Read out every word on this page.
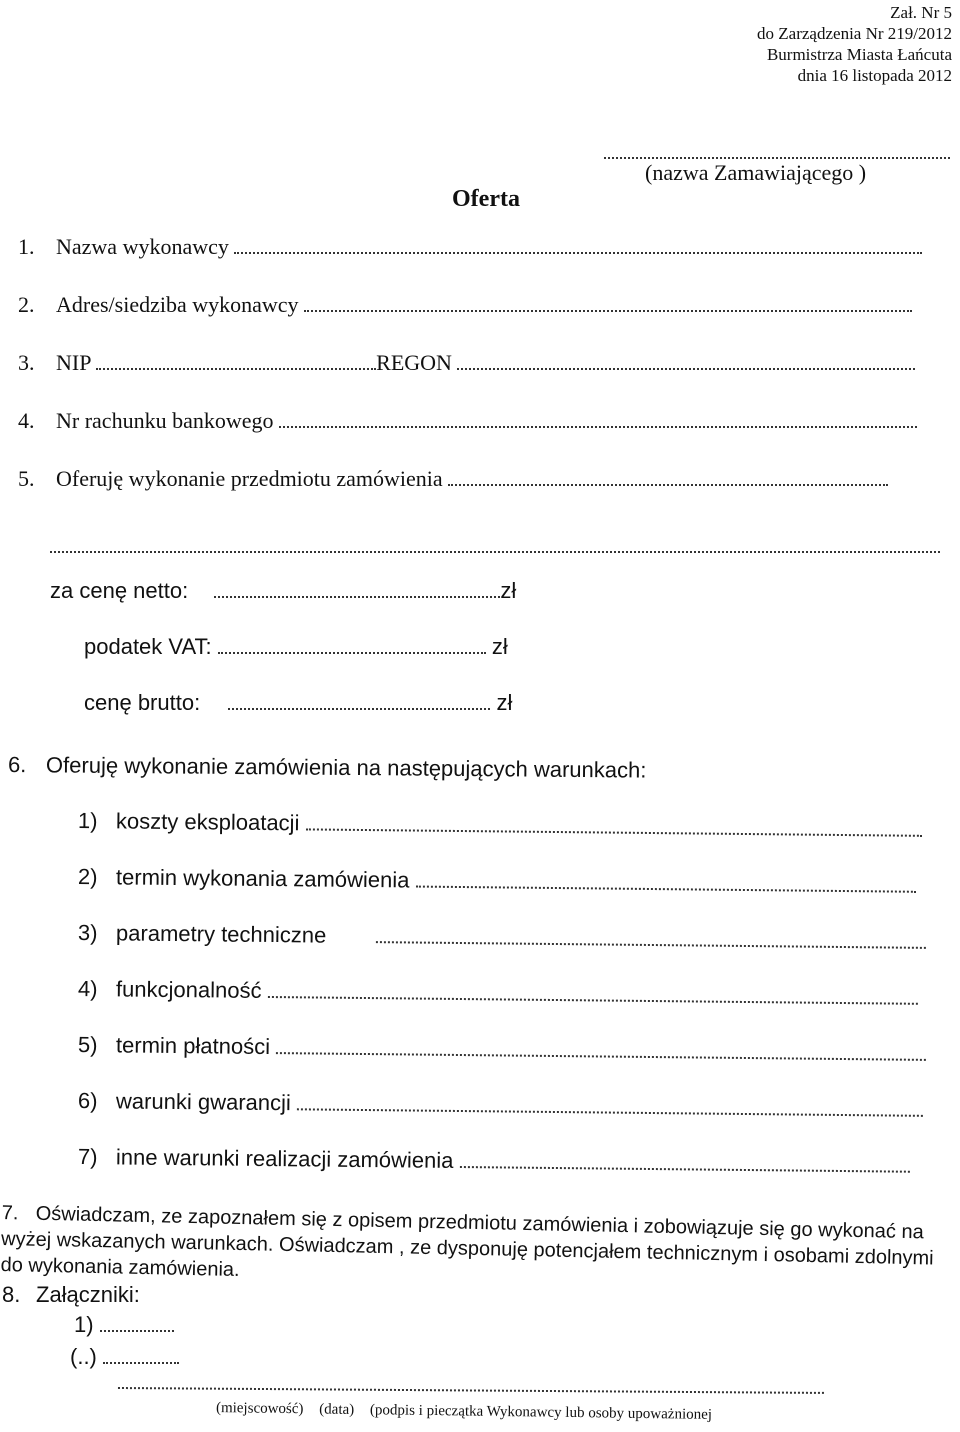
Zał. Nr 5
do Zarządzenia Nr 219/2012
Burmistrza Miasta Łańcuta
dnia 16 listopada 2012
(nazwa Zamawiającego )
Oferta
1. Nazwa wykonawcy
2. Adres/siedziba wykonawcy
3. NIP	REGON
4. Nr rachunku bankowego
5. Oferuję wykonanie przedmiotu zamówienia
za cenę netto:	zł
podatek VAT:	zł
cenę brutto:	zł
6. Oferuję wykonanie zamówienia na następujących warunkach:
1) koszty eksploatacji
2) termin wykonania zamówienia
3) parametry techniczne
4) funkcjonalność
5) termin płatności
6) warunki gwarancji
7) inne warunki realizacji zamówienia
7. Oświadczam, ze zapoznałem się z opisem przedmiotu zamówienia i zobowiązuje się go wykonać na wyżej wskazanych warunkach. Oświadczam , ze dysponuję potencjałem technicznym i osobami zdolnymi do wykonania zamówienia.
8. Załączniki:
1)
(..)
(miejscowość) (data) (podpis i pieczątka Wykonawcy lub osoby upoważnionej
